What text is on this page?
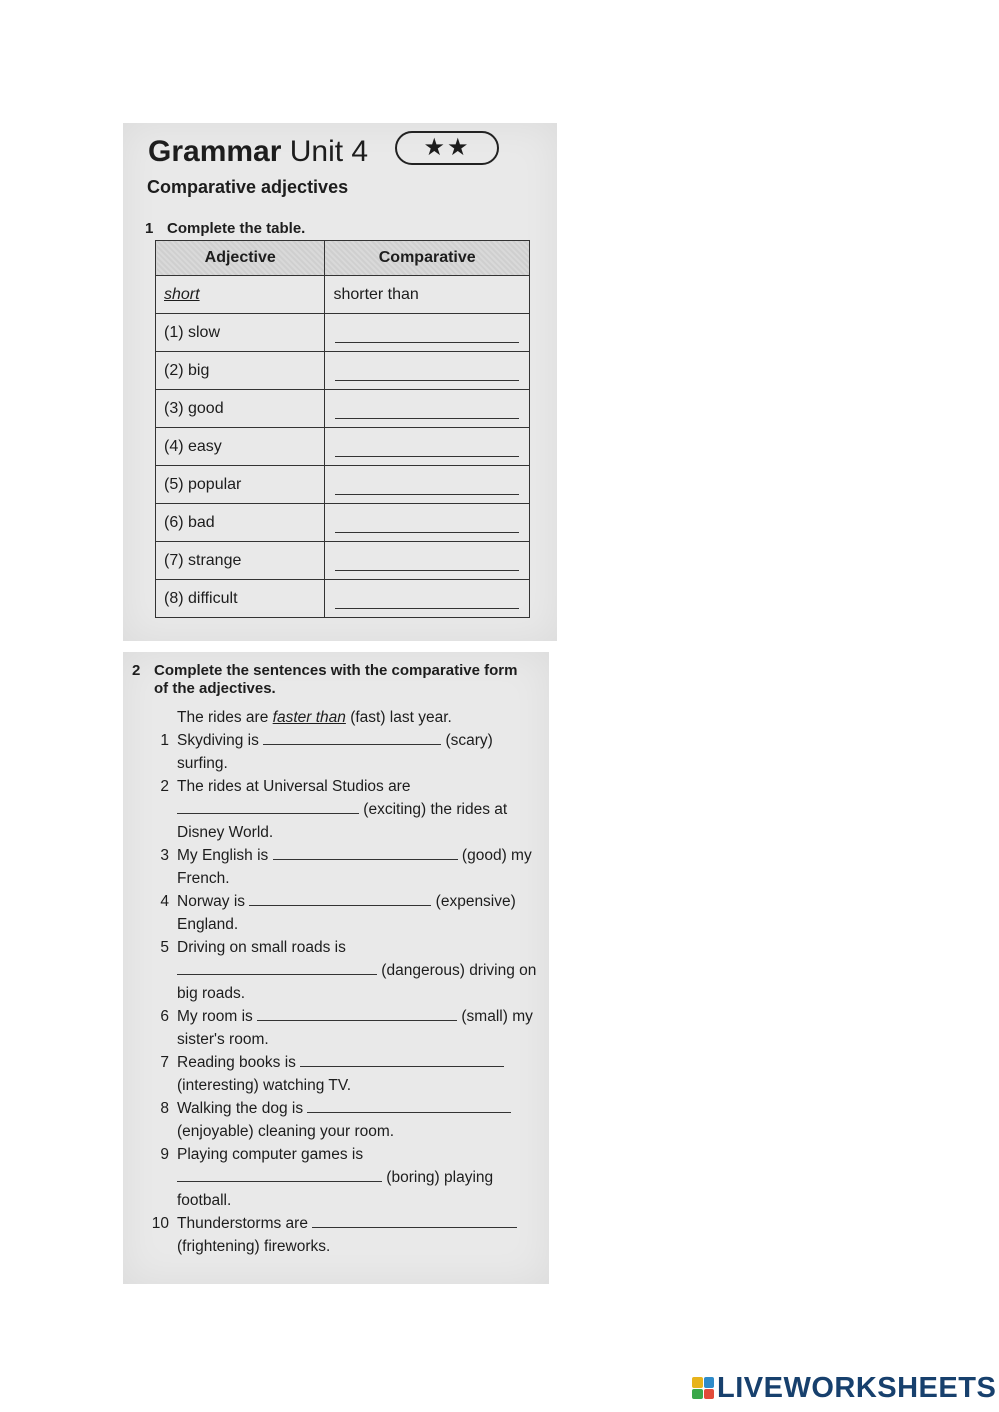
Grammar Unit 4	★★
Comparative adjectives
1 Complete the table.
Adjective	Comparative
short	shorter than
(1) slow	

(2) big	

(3) good	

(4) easy	

(5) popular	

(6) bad	

(7) strange	

(8) difficult	
2 Complete the sentences with the comparative form of the adjectives.
The rides are faster than (fast) last year.
1 Skydiving is	(scary) surfing.
2 The rides at Universal Studios are  (exciting) the rides at Disney World.
3 My English is	(good) my French.
4 Norway is	(expensive) England.
5 Driving on small roads is  (dangerous) driving on big roads.
6 My room is	(small) my sister's room.
7 Reading books is  (interesting) watching TV.
8 Walking the dog is  (enjoyable) cleaning your room.
9 Playing computer games is  (boring) playing football.
10 Thunderstorms are  (frightening) fireworks.
LIVEWORKSHEETS
